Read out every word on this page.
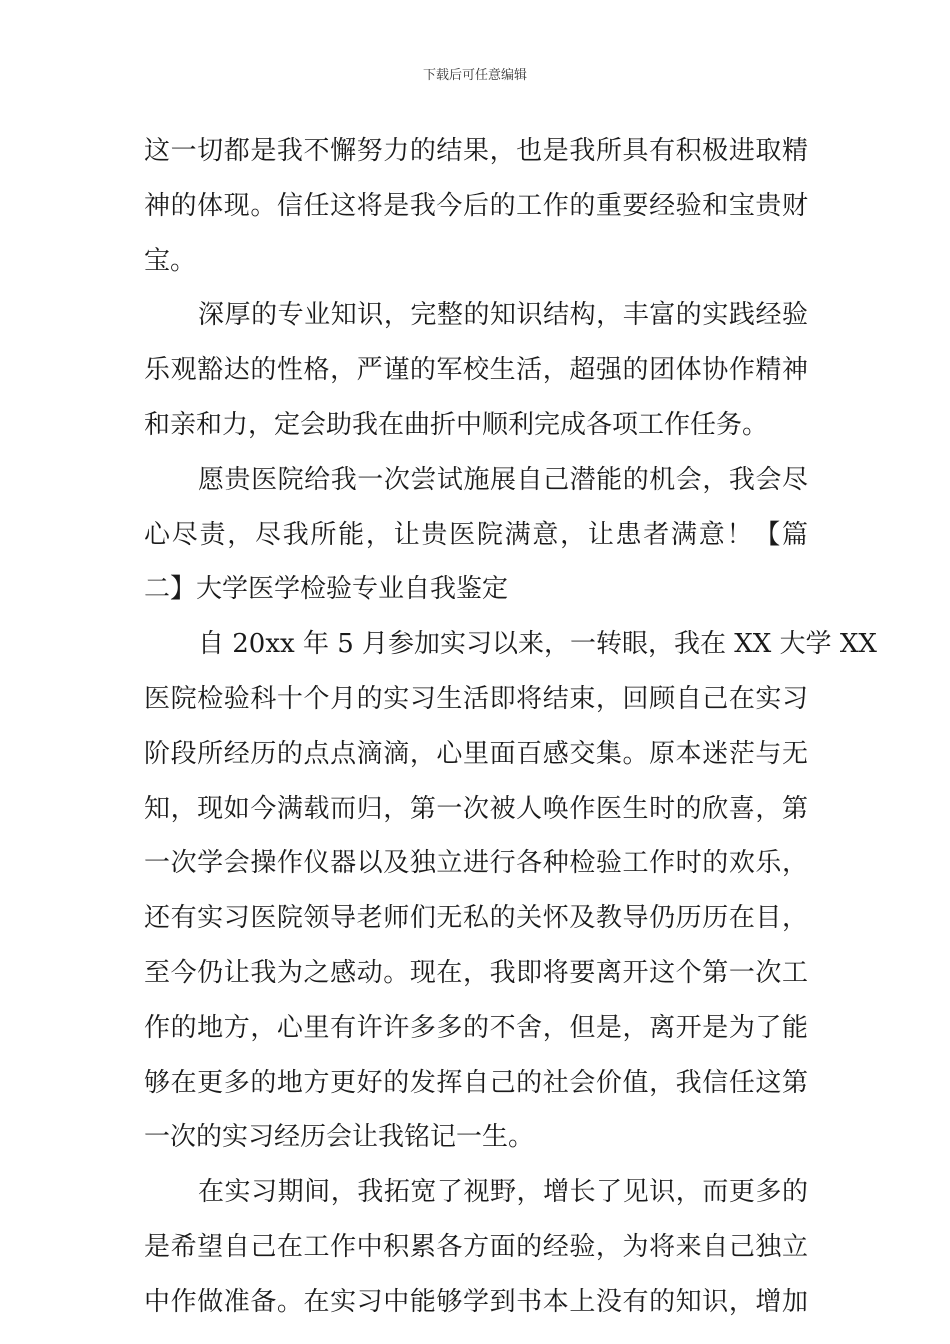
下载后可任意编辑
这一切都是我不懈努力的结果，也是我所具有积极进取精
神的体现。信任这将是我今后的工作的重要经验和宝贵财
宝。
深厚的专业知识，完整的知识结构，丰富的实践经验
乐观豁达的性格，严谨的军校生活，超强的团体协作精神
和亲和力，定会助我在曲折中顺利完成各项工作任务。
愿贵医院给我一次尝试施展自己潜能的机会，我会尽
心尽责，尽我所能，让贵医院满意，让患者满意！【篇
二】大学医学检验专业自我鉴定
自 20xx 年 5 月参加实习以来，一转眼，我在 XX 大学 XX
医院检验科十个月的实习生活即将结束，回顾自己在实习
阶段所经历的点点滴滴，心里面百感交集。原本迷茫与无
知，现如今满载而归，第一次被人唤作医生时的欣喜，第
一次学会操作仪器以及独立进行各种检验工作时的欢乐，
还有实习医院领导老师们无私的关怀及教导仍历历在目，
至今仍让我为之感动。现在，我即将要离开这个第一次工
作的地方，心里有许许多多的不舍，但是，离开是为了能
够在更多的地方更好的发挥自己的社会价值，我信任这第
一次的实习经历会让我铭记一生。
在实习期间，我拓宽了视野，增长了见识，而更多的
是希望自己在工作中积累各方面的经验，为将来自己独立
中作做准备。在实习中能够学到书本上没有的知识，增加
